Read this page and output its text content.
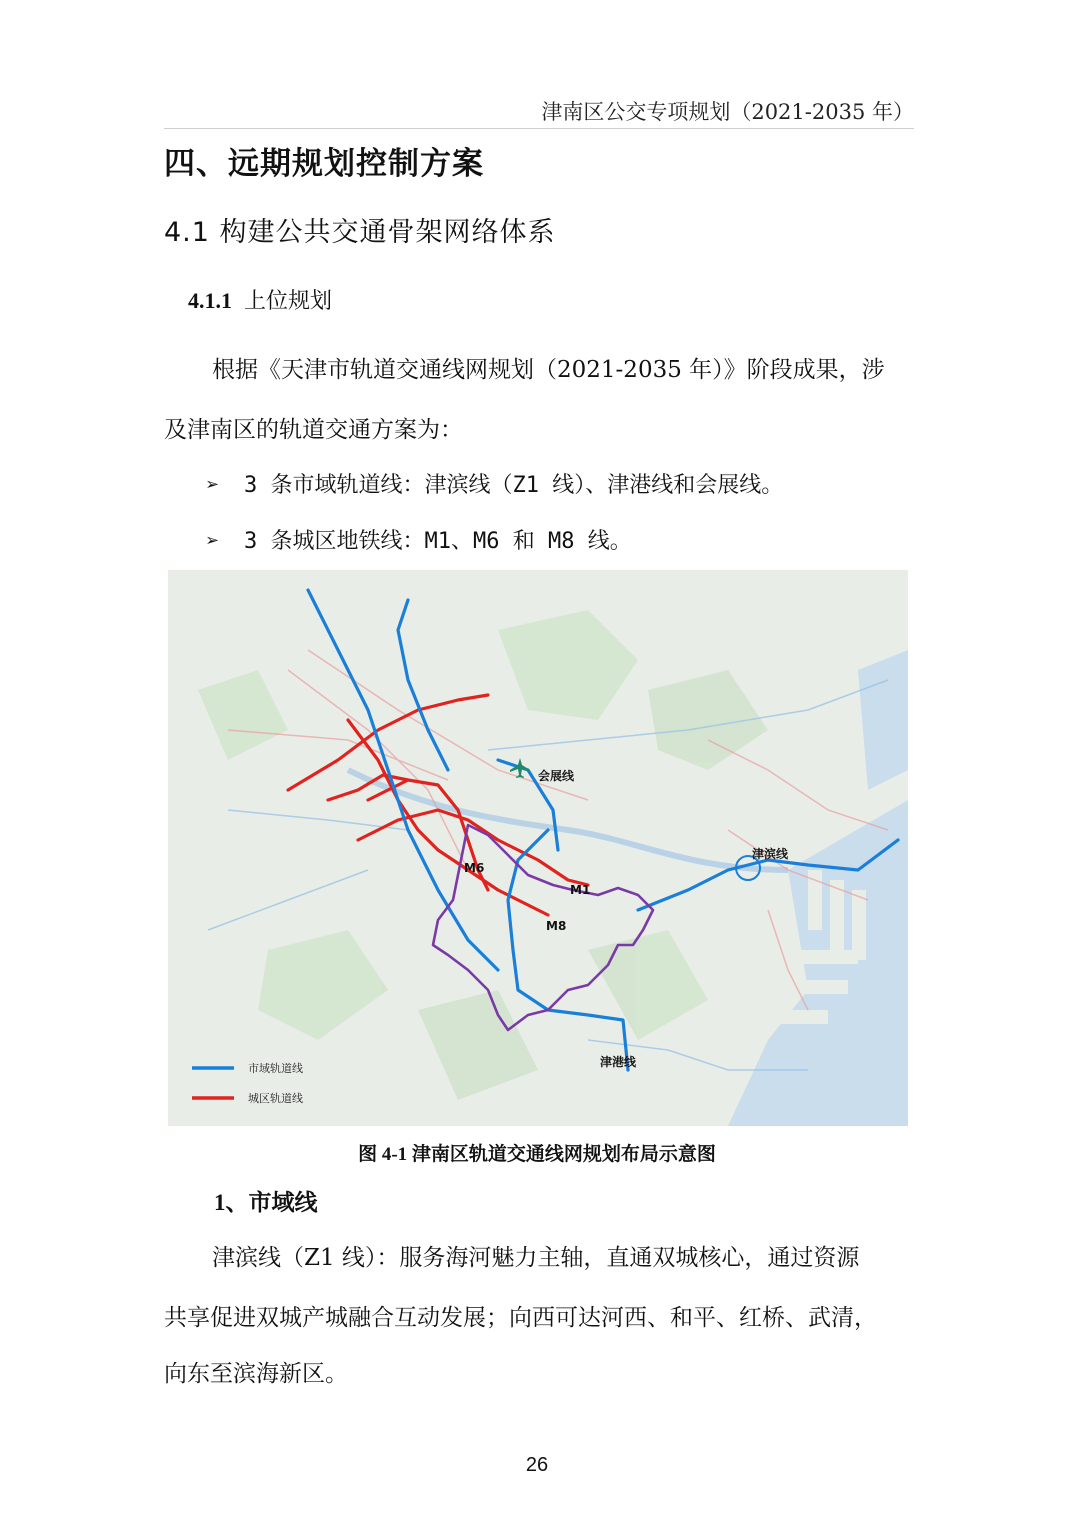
津南区公交专项规划（2021-2035 年）
四、远期规划控制方案
4.1 构建公共交通骨架网络体系
4.1.1 上位规划
根据《天津市轨道交通线网规划（2021-2035 年）》阶段成果，涉
及津南区的轨道交通方案为：
➢ 3 条市域轨道线：津滨线（Z1 线）、津港线和会展线。
➢ 3 条城区地铁线：M1、M6 和 M8 线。
会展线
津滨线
津港线
M1
M6
M8
市域轨道线
城区轨道线
图 4-1 津南区轨道交通线网规划布局示意图
1、市域线
津滨线（Z1 线）：服务海河魅力主轴，直通双城核心，通过资源
共享促进双城产城融合互动发展；向西可达河西、和平、红桥、武清，
向东至滨海新区。
26
